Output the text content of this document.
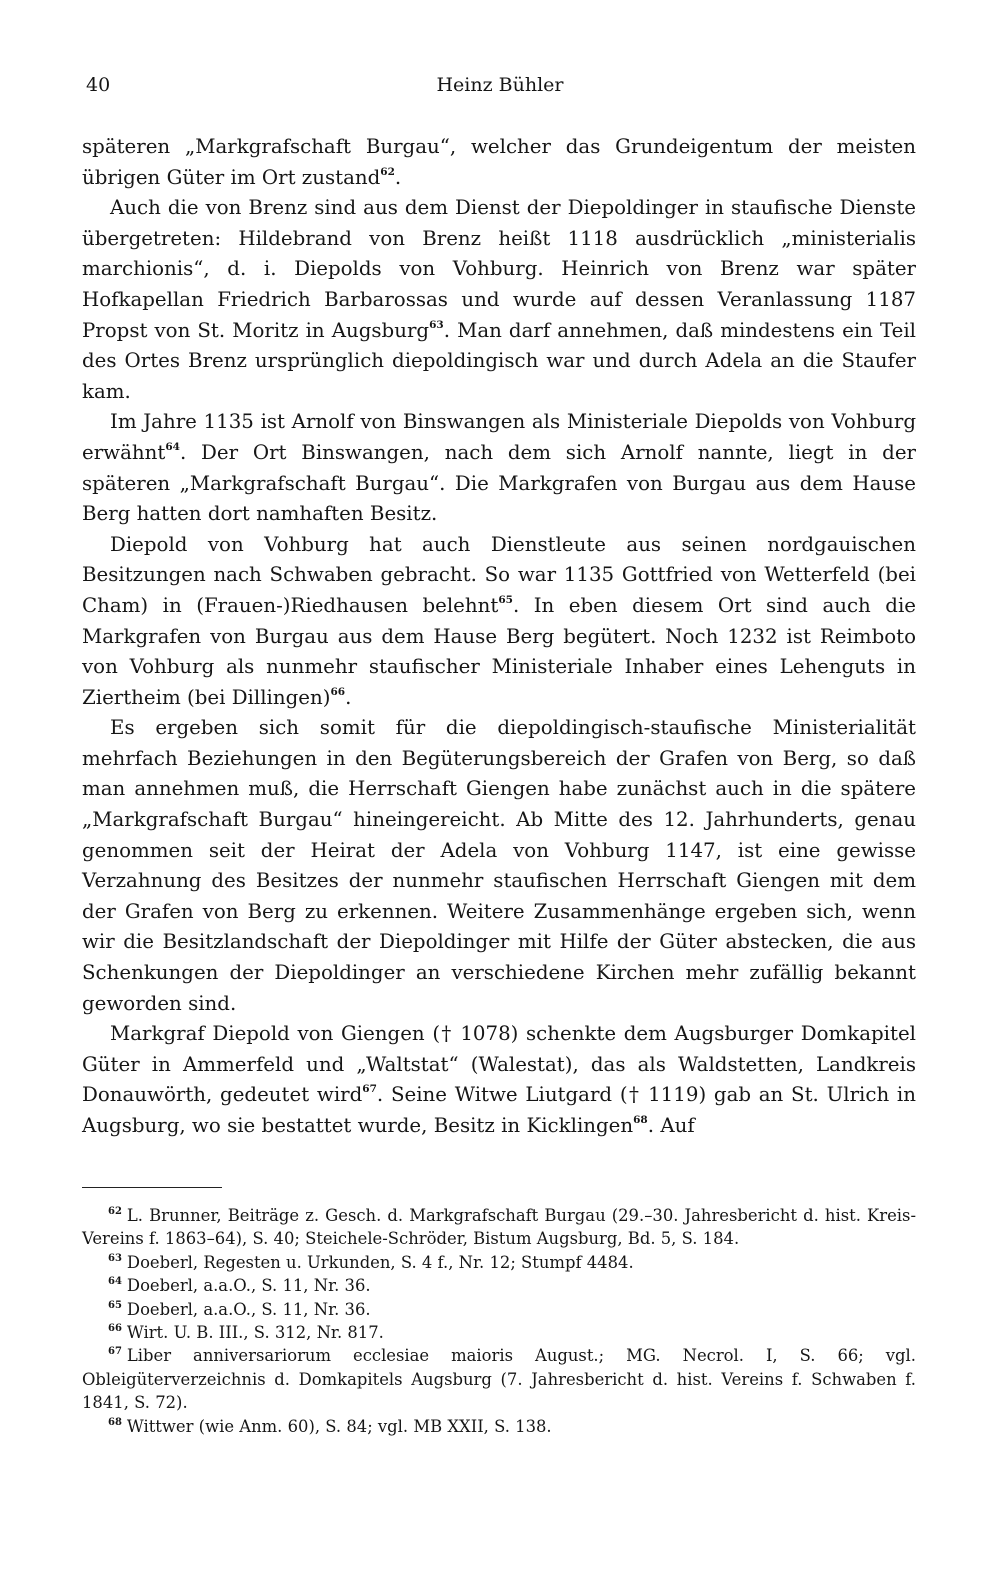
40	Heinz Bühler

späteren „Markgrafschaft Burgau“, welcher das Grundeigentum der meisten übrigen Güter im Ort zustand$^{62}$.

Auch die von Brenz sind aus dem Dienst der Diepoldinger in staufische Dienste übergetreten: Hildebrand von Brenz heißt 1118 ausdrücklich „ministerialis marchionis“, d. i. Diepolds von Vohburg. Heinrich von Brenz war später Hofkapellan Friedrich Barbarossas und wurde auf dessen Veranlassung 1187 Propst von St. Moritz in Augsburg$^{63}$. Man darf annehmen, daß mindestens ein Teil des Ortes Brenz ursprünglich diepoldingisch war und durch Adela an die Staufer kam.

Im Jahre 1135 ist Arnolf von Binswangen als Ministeriale Diepolds von Vohburg erwähnt$^{64}$. Der Ort Binswangen, nach dem sich Arnolf nannte, liegt in der späteren „Markgrafschaft Burgau“. Die Markgrafen von Burgau aus dem Hause Berg hatten dort namhaften Besitz.

Diepold von Vohburg hat auch Dienstleute aus seinen nordgauischen Besitzungen nach Schwaben gebracht. So war 1135 Gottfried von Wetterfeld (bei Cham) in (Frauen-)Riedhausen belehnt$^{65}$. In eben diesem Ort sind auch die Markgrafen von Burgau aus dem Hause Berg begütert. Noch 1232 ist Reimboto von Vohburg als nunmehr staufischer Ministeriale Inhaber eines Lehenguts in Ziertheim (bei Dillingen)$^{66}$.

Es ergeben sich somit für die diepoldingisch-staufische Ministerialität mehrfach Beziehungen in den Begüterungsbereich der Grafen von Berg, so daß man annehmen muß, die Herrschaft Giengen habe zunächst auch in die spätere „Markgrafschaft Burgau“ hineingereicht. Ab Mitte des 12. Jahrhunderts, genau genommen seit der Heirat der Adela von Vohburg 1147, ist eine gewisse Verzahnung des Besitzes der nunmehr staufischen Herrschaft Giengen mit dem der Grafen von Berg zu erkennen. Weitere Zusammenhänge ergeben sich, wenn wir die Besitzlandschaft der Diepoldinger mit Hilfe der Güter abstecken, die aus Schenkungen der Diepoldinger an verschiedene Kirchen mehr zufällig bekannt geworden sind.

Markgraf Diepold von Giengen († 1078) schenkte dem Augsburger Domkapitel Güter in Ammerfeld und „Waltstat“ (Walestat), das als Waldstetten, Landkreis Donauwörth, gedeutet wird$^{67}$. Seine Witwe Liutgard († 1119) gab an St. Ulrich in Augsburg, wo sie bestattet wurde, Besitz in Kicklingen$^{68}$. Auf

$^{62}$ L. Brunner, Beiträge z. Gesch. d. Markgrafschaft Burgau (29.–30. Jahresbericht d. hist. Kreis-Vereins f. 1863–64), S. 40; Steichele-Schröder, Bistum Augsburg, Bd. 5, S. 184.

$^{63}$ Doeberl, Regesten u. Urkunden, S. 4 f., Nr. 12; Stumpf 4484.

$^{64}$ Doeberl, a.a.O., S. 11, Nr. 36.

$^{65}$ Doeberl, a.a.O., S. 11, Nr. 36.

$^{66}$ Wirt. U. B. III., S. 312, Nr. 817.

$^{67}$ Liber anniversariorum ecclesiae maioris August.; MG. Necrol. I, S. 66; vgl. Obleigüterverzeichnis d. Domkapitels Augsburg (7. Jahresbericht d. hist. Vereins f. Schwaben f. 1841, S. 72).

$^{68}$ Wittwer (wie Anm. 60), S. 84; vgl. MB XXII, S. 138.
